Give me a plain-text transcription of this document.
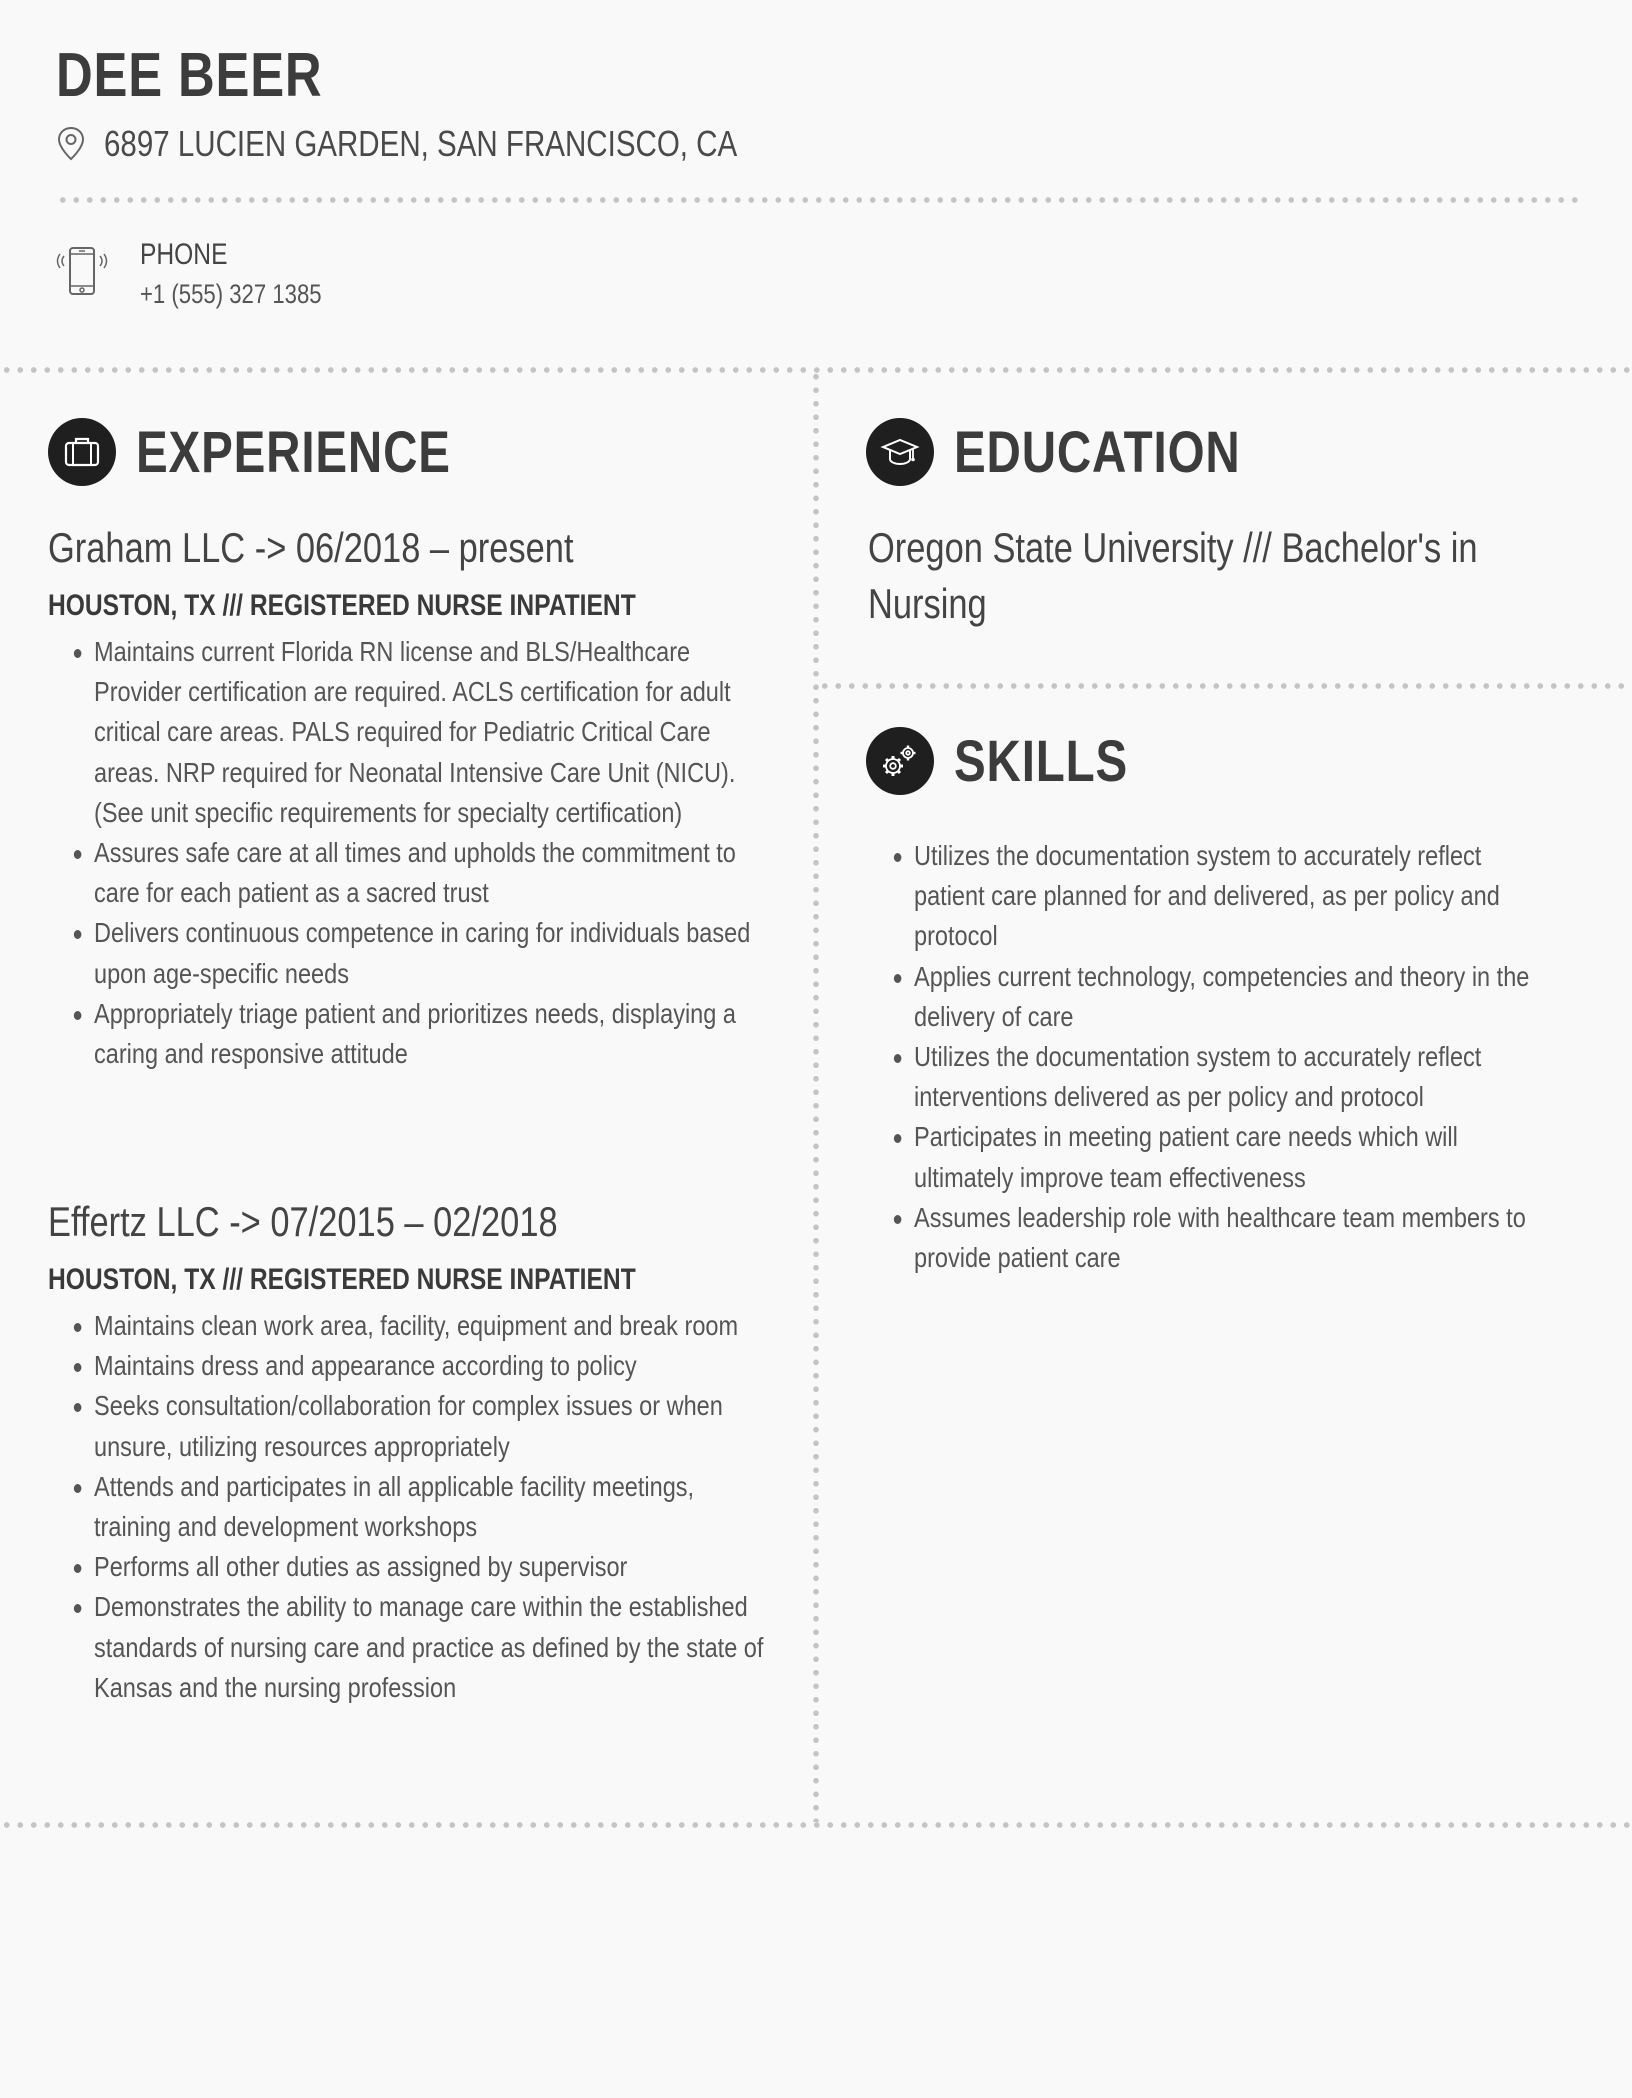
DEE BEER
6897 LUCIEN GARDEN, SAN FRANCISCO, CA
PHONE
+1 (555) 327 1385
EXPERIENCE
Graham LLC -> 06/2018 – present
HOUSTON, TX /// REGISTERED NURSE INPATIENT
Maintains current Florida RN license and BLS/Healthcare Provider certification are required. ACLS certification for adult critical care areas. PALS required for Pediatric Critical Care areas. NRP required for Neonatal Intensive Care Unit (NICU). (See unit specific requirements for specialty certification)
Assures safe care at all times and upholds the commitment to care for each patient as a sacred trust
Delivers continuous competence in caring for individuals based upon age-specific needs
Appropriately triage patient and prioritizes needs, displaying a caring and responsive attitude
Effertz LLC -> 07/2015 – 02/2018
HOUSTON, TX /// REGISTERED NURSE INPATIENT
Maintains clean work area, facility, equipment and break room
Maintains dress and appearance according to policy
Seeks consultation/collaboration for complex issues or when unsure, utilizing resources appropriately
Attends and participates in all applicable facility meetings, training and development workshops
Performs all other duties as assigned by supervisor
Demonstrates the ability to manage care within the established standards of nursing care and practice as defined by the state of Kansas and the nursing profession
EDUCATION
Oregon State University /// Bachelor's in
Nursing
SKILLS
Utilizes the documentation system to accurately reflect patient care planned for and delivered, as per policy and protocol
Applies current technology, competencies and theory in the delivery of care
Utilizes the documentation system to accurately reflect interventions delivered as per policy and protocol
Participates in meeting patient care needs which will ultimately improve team effectiveness
Assumes leadership role with healthcare team members to provide patient care
